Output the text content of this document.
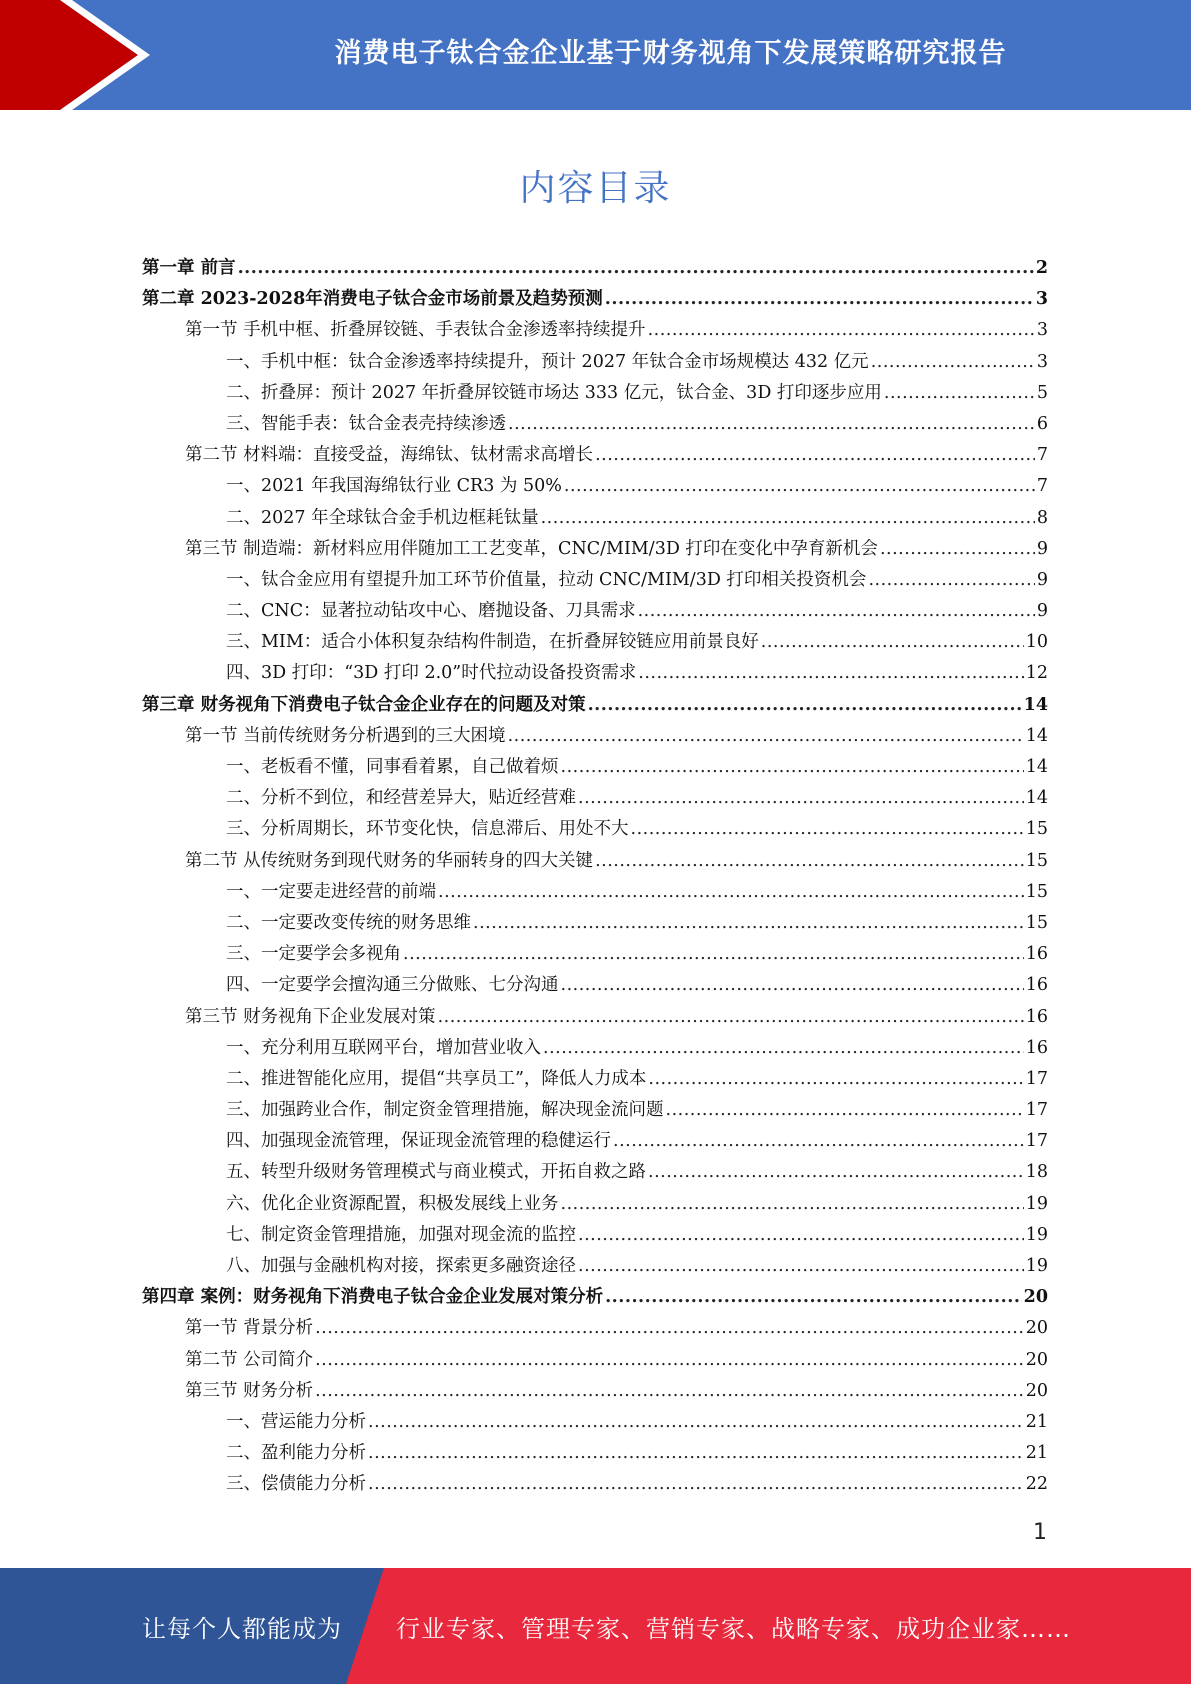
消费电子钛合金企业基于财务视角下发展策略研究报告
内容目录
第一章 前言 .....	2
第二章 2023-2028年消费电子钛合金市场前景及趋势预测 .....	3
第一节 手机中框、折叠屏铰链、手表钛合金渗透率持续提升 .....	3
一、手机中框：钛合金渗透率持续提升，预计 2027 年钛合金市场规模达 432 亿元 .....	3
二、折叠屏：预计 2027 年折叠屏铰链市场达 333 亿元，钛合金、3D 打印逐步应用 .....	5
三、智能手表：钛合金表壳持续渗透 .....	6
第二节 材料端：直接受益，海绵钛、钛材需求高增长 .....	7
一、2021 年我国海绵钛行业 CR3 为 50% .....	7
二、2027 年全球钛合金手机边框耗钛量 .....	8
第三节 制造端：新材料应用伴随加工工艺变革，CNC/MIM/3D 打印在变化中孕育新机会 .....	9
一、钛合金应用有望提升加工环节价值量，拉动 CNC/MIM/3D 打印相关投资机会 .....	9
二、CNC：显著拉动钻攻中心、磨抛设备、刀具需求 .....	9
三、MIM：适合小体积复杂结构件制造，在折叠屏铰链应用前景良好 .....	10
四、3D 打印：“3D 打印 2.0”时代拉动设备投资需求 .....	12
第三章 财务视角下消费电子钛合金企业存在的问题及对策 .....	14
第一节 当前传统财务分析遇到的三大困境 .....	14
一、老板看不懂，同事看着累，自己做着烦 .....	14
二、分析不到位，和经营差异大，贴近经营难 .....	14
三、分析周期长，环节变化快，信息滞后、用处不大 .....	15
第二节 从传统财务到现代财务的华丽转身的四大关键 .....	15
一、一定要走进经营的前端 .....	15
二、一定要改变传统的财务思维 .....	15
三、一定要学会多视角 .....	16
四、一定要学会擅沟通三分做账、七分沟通 .....	16
第三节 财务视角下企业发展对策 .....	16
一、充分利用互联网平台，增加营业收入 .....	16
二、推进智能化应用，提倡“共享员工”，降低人力成本 .....	17
三、加强跨业合作，制定资金管理措施，解决现金流问题 .....	17
四、加强现金流管理，保证现金流管理的稳健运行 .....	17
五、转型升级财务管理模式与商业模式，开拓自救之路 .....	18
六、优化企业资源配置，积极发展线上业务 .....	19
七、制定资金管理措施，加强对现金流的监控 .....	19
八、加强与金融机构对接，探索更多融资途径 .....	19
第四章 案例：财务视角下消费电子钛合金企业发展对策分析 .....	20
第一节 背景分析 .....	20
第二节 公司简介 .....	20
第三节 财务分析 .....	20
一、营运能力分析 .....	21
二、盈利能力分析 .....	21
三、偿债能力分析 .....	22
1
让每个人都能成为 行业专家、管理专家、营销专家、战略专家、成功企业家……
